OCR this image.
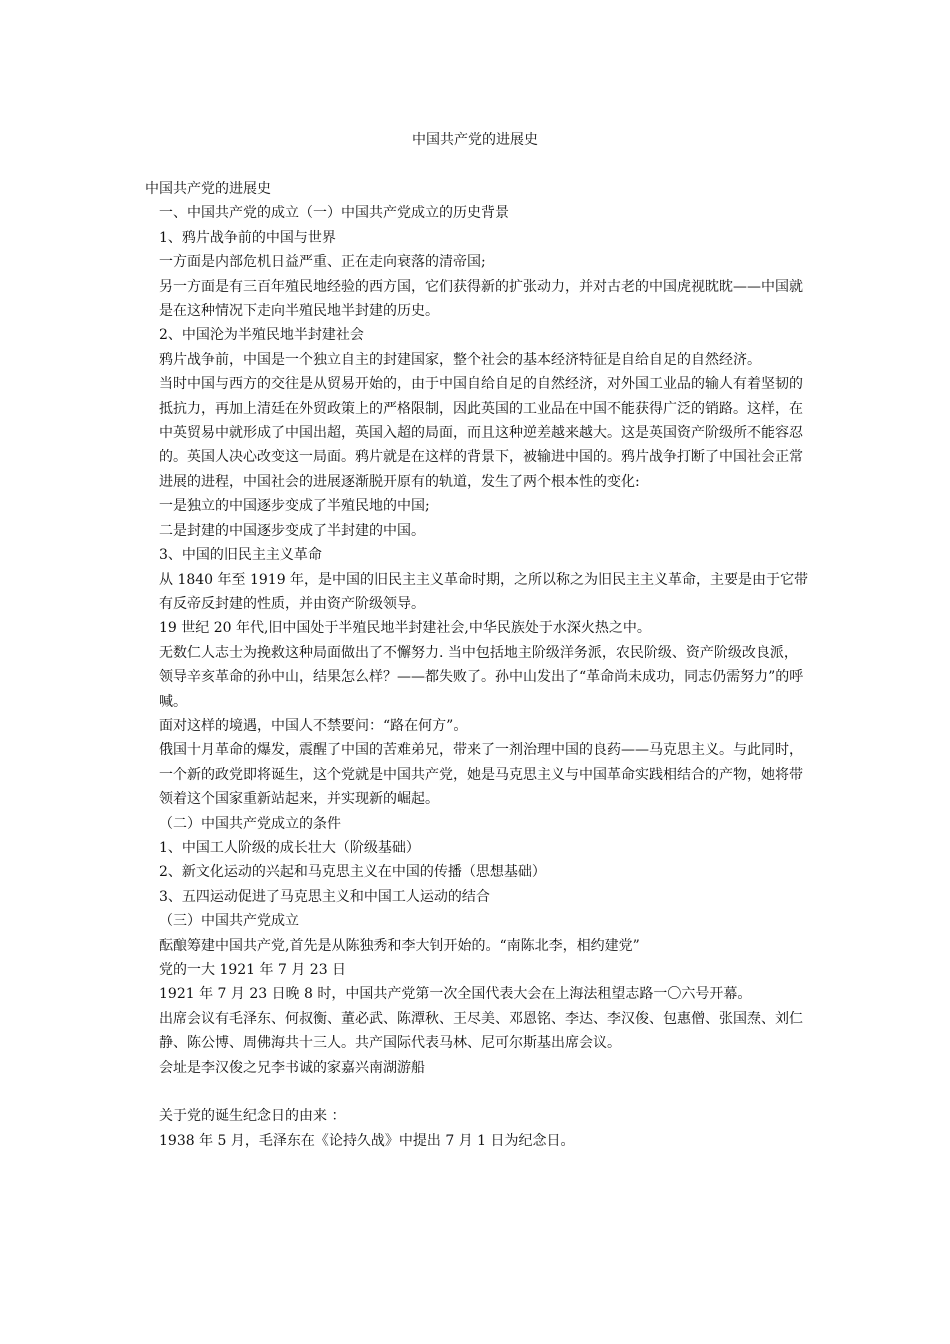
中国共产党的进展史

中国共产党的进展史

一、中国共产党的成立（一）中国共产党成立的历史背景

1、鸦片战争前的中国与世界

一方面是内部危机日益严重、正在走向衰落的清帝国;

另一方面是有三百年殖民地经验的西方国，它们获得新的扩张动力，并对古老的中国虎视眈眈——中国就是在这种情况下走向半殖民地半封建的历史。

2、中国沦为半殖民地半封建社会

鸦片战争前，中国是一个独立自主的封建国家，整个社会的基本经济特征是自给自足的自然经济。

当时中国与西方的交往是从贸易开始的，由于中国自给自足的自然经济，对外国工业品的输人有着坚韧的抵抗力，再加上清廷在外贸政策上的严格限制，因此英国的工业品在中国不能获得广泛的销路。这样，在中英贸易中就形成了中国出超，英国入超的局面，而且这种逆差越来越大。这是英国资产阶级所不能容忍的。英国人决心改变这一局面。鸦片就是在这样的背景下，被输进中国的。鸦片战争打断了中国社会正常进展的进程，中国社会的进展逐渐脱开原有的轨道，发生了两个根本性的变化:

一是独立的中国逐步变成了半殖民地的中国;

二是封建的中国逐步变成了半封建的中国。

3、中国的旧民主主义革命

从 1840 年至 1919 年，是中国的旧民主主义革命时期，之所以称之为旧民主主义革命，主要是由于它带有反帝反封建的性质，并由资产阶级领导。

19 世纪 20 年代,旧中国处于半殖民地半封建社会,中华民族处于水深火热之中。

无数仁人志士为挽救这种局面做出了不懈努力. 当中包括地主阶级洋务派，农民阶级、资产阶级改良派，领导辛亥革命的孙中山，结果怎么样？——都失败了。孙中山发出了“革命尚未成功，同志仍需努力”的呼喊。

面对这样的境遇，中国人不禁要问：“路在何方”。

俄国十月革命的爆发，震醒了中国的苦难弟兄，带来了一剂治理中国的良药——马克思主义。与此同时，一个新的政党即将诞生，这个党就是中国共产党，她是马克思主义与中国革命实践相结合的产物，她将带领着这个国家重新站起来，并实现新的崛起。

（二）中国共产党成立的条件

1、中国工人阶级的成长壮大（阶级基础）

2、新文化运动的兴起和马克思主义在中国的传播（思想基础）

3、五四运动促进了马克思主义和中国工人运动的结合

（三）中国共产党成立

酝酿筹建中国共产党,首先是从陈独秀和李大钊开始的。“南陈北李，相约建党”

党的一大 1921 年 7 月 23 日

1921 年 7 月 23 日晚 8 时，中国共产党第一次全国代表大会在上海法租望志路一〇六号开幕。

出席会议有毛泽东、何叔衡、董必武、陈潭秋、王尽美、邓恩铭、李达、李汉俊、包惠僧、张国焘、刘仁静、陈公博、周佛海共十三人。共产国际代表马林、尼可尔斯基出席会议。

会址是李汉俊之兄李书诚的家嘉兴南湖游船

关于党的诞生纪念日的由来 ：

1938 年 5 月，毛泽东在《论持久战》中提出 7 月 1 日为纪念日。
